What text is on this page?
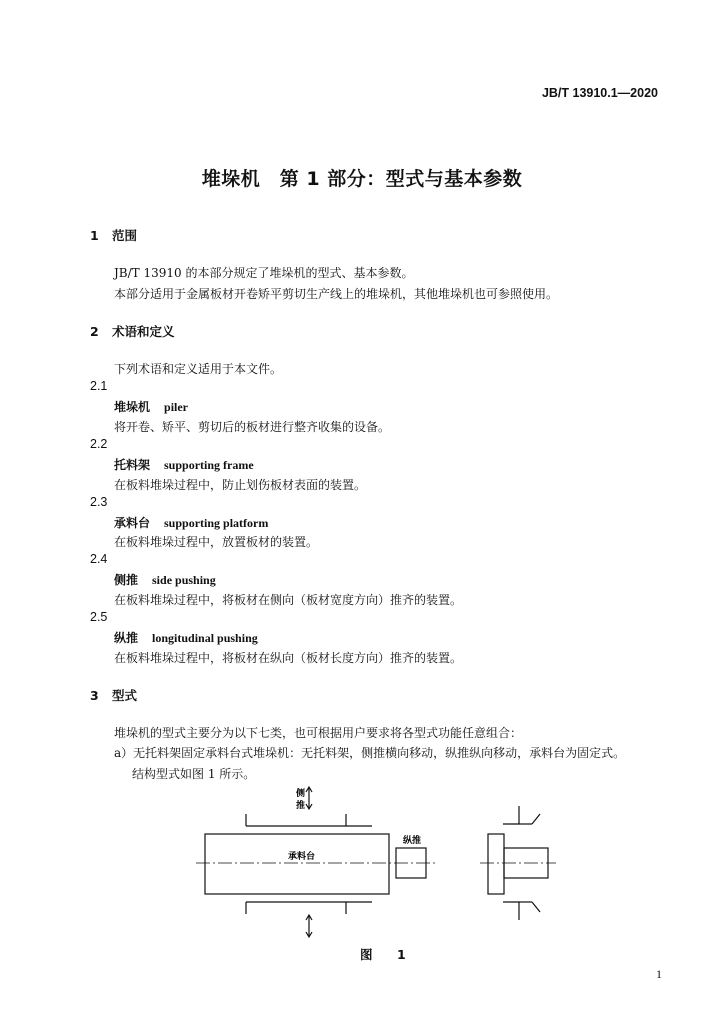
JB/T 13910.1—2020
堆垛机　第 1 部分：型式与基本参数
1 范围
JB/T 13910 的本部分规定了堆垛机的型式、基本参数。
本部分适用于金属板材开卷矫平剪切生产线上的堆垛机，其他堆垛机也可参照使用。
2 术语和定义
下列术语和定义适用于本文件。
2.1
堆垛机 piler
将开卷、矫平、剪切后的板材进行整齐收集的设备。
2.2
托料架 supporting frame
在板料堆垛过程中，防止划伤板材表面的装置。
2.3
承料台 supporting platform
在板料堆垛过程中，放置板材的装置。
2.4
侧推 side pushing
在板料堆垛过程中，将板材在侧向（板材宽度方向）推齐的装置。
2.5
纵推 longitudinal pushing
在板料堆垛过程中，将板材在纵向（板材长度方向）推齐的装置。
3 型式
堆垛机的型式主要分为以下七类，也可根据用户要求将各型式功能任意组合：
a）无托料架固定承料台式堆垛机：无托料架，侧推横向移动，纵推纵向移动，承料台为固定式。
结构型式如图 1 所示。
侧
推
纵推
承料台
图　1
1
